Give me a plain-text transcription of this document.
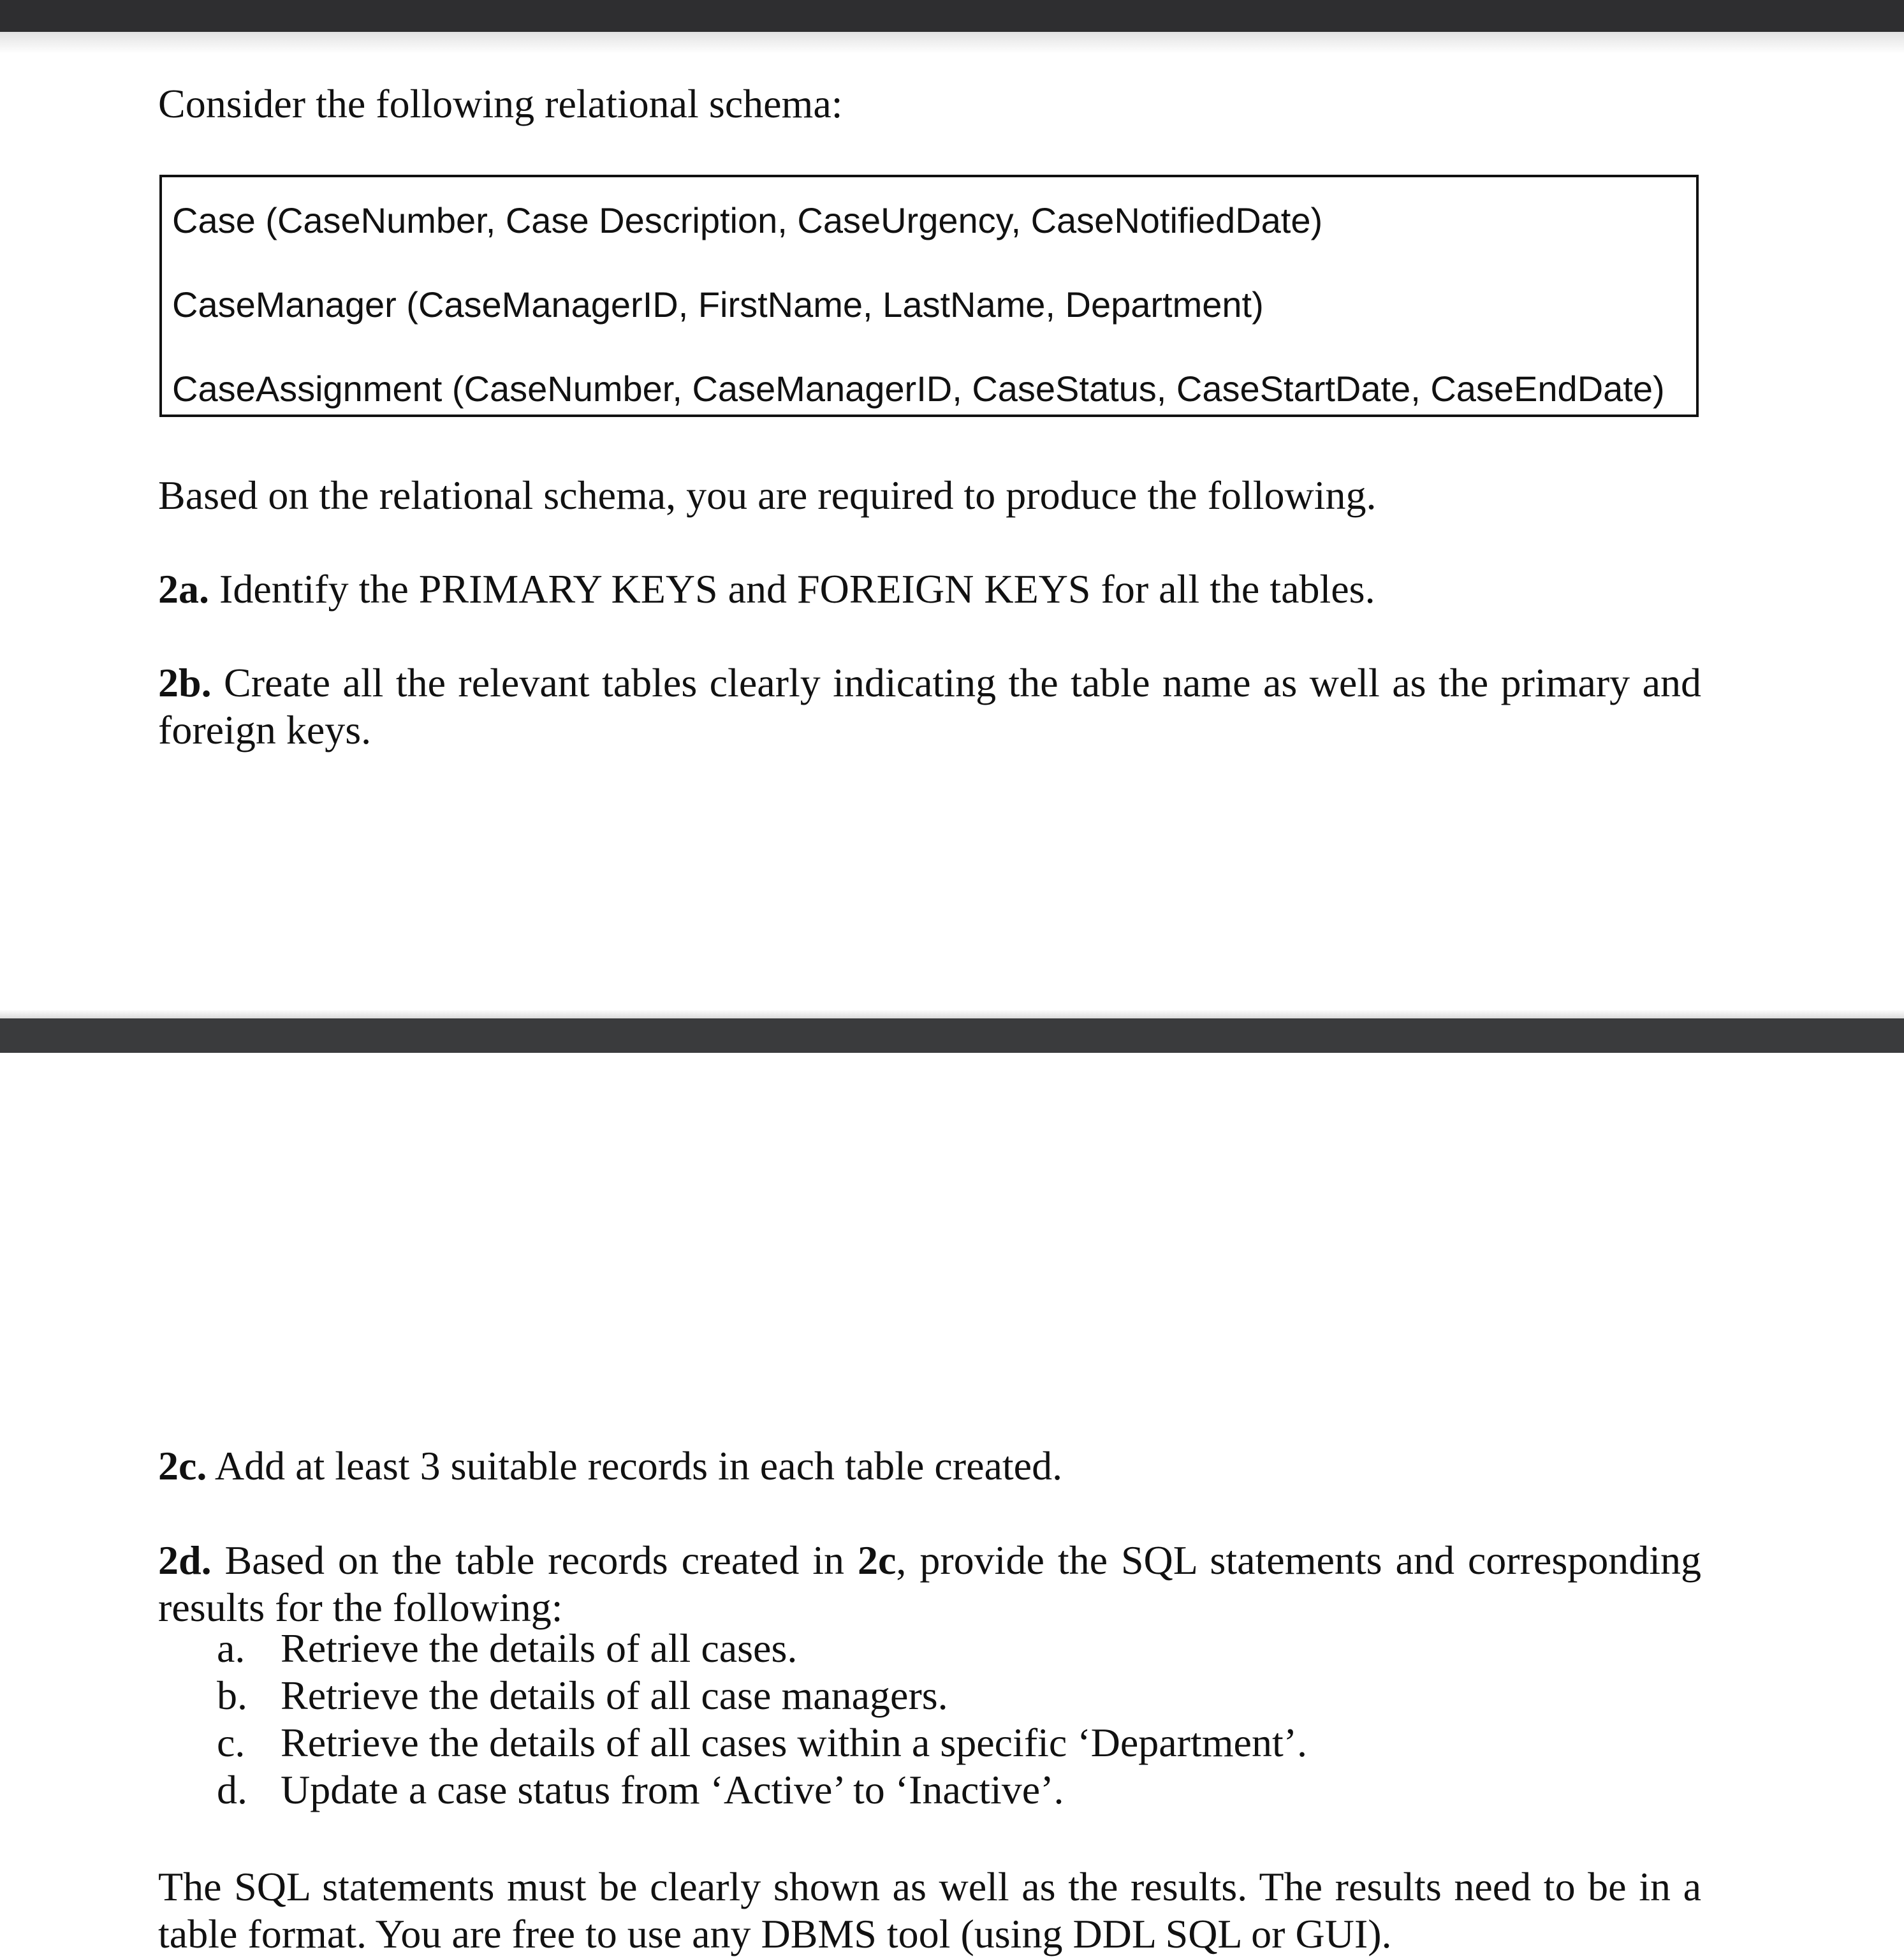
Consider the following relational schema:
Case (CaseNumber, Case Description, CaseUrgency, CaseNotifiedDate)
CaseManager (CaseManagerID, FirstName, LastName, Department)
CaseAssignment (CaseNumber, CaseManagerID, CaseStatus, CaseStartDate, CaseEndDate)
Based on the relational schema, you are required to produce the following.
2a. Identify the PRIMARY KEYS and FOREIGN KEYS for all the tables.
2b. Create all the relevant tables clearly indicating the table name as well as the primary and foreign keys.
2c. Add at least 3 suitable records in each table created.
2d. Based on the table records created in 2c, provide the SQL statements and corresponding results for the following:
a. Retrieve the details of all cases.
b. Retrieve the details of all case managers.
c. Retrieve the details of all cases within a specific ‘Department’.
d. Update a case status from ‘Active’ to ‘Inactive’.
The SQL statements must be clearly shown as well as the results. The results need to be in a table format. You are free to use any DBMS tool (using DDL SQL or GUI).
